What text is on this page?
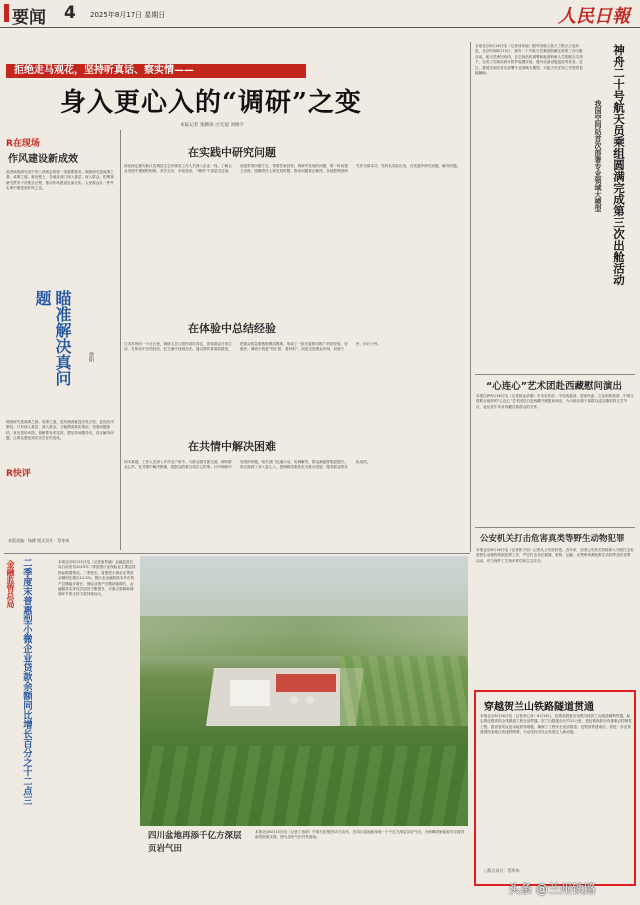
要闻 4 2025年8月17日 星期日	人民日報
拒绝走马观花，坚持听真话、察实情——
身入更心入的“调研”之变
本报记者 张腾扬 白光迪 刘俊宇
R在现场
作风建设新成效
改进调查研究是中央八项规定的第一项重要要求。调查研究是谋事之基、成事之道。新征程上，各地各部门深入基层、深入群众，把调查研究贯穿于决策全过程，推动作风建设走深走实。人民群众从一件件实事中感受到作风之变。
瞄准解决真问题
徐阳
调查研究是谋事之基、成事之道。没有调查就没有发言权，更没有决策权。只有深入基层、深入群众，才能摸清真实情况，找准问题症结，拿出管用举措。调研要务求实效，要坚持问题导向，真正解决问题，让群众感受到实实在在的变化。
R快评
本版责编：杨柳 版式设计：蔡华伟
在实践中研究问题
河北保定雄安新区容城县生态环境局工作人员深入企业一线，了解企业发展中遇到的困难。多次走访，多轮座谈，“调研”不再是走过场，而是带着问题下去，带着答案回来。调研中发现的问题，第一时间建立台账，明确责任人和完成时限，推动问题真正解决。各地把调查研究作为基本功，坚持从实际出发，在实践中研究问题、解决问题。
在体验中总结经验
江苏苏州的一个社区里，调研人员与居民同吃同住，体验群众日常生活。在体验中总结经验，在交流中找到办法。通过真听真看真感受，把群众的急难愁盼摸清摸准，形成了一批可复制可推广的好经验、好做法。调研不再是“听汇报、看材料”，而是走进群众中间，问需于民、问计于民。
在共情中解决困难
四川某地，工作人员深入乡村农户家中，与群众面对面交流，倾听群众心声。在共情中解决困难，把群众的事当成自己的事。针对调研中发现的问题，相关部门迅速行动，协调解决，群众满意度明显提升。真正做到了身入更心入，把调研成果转化为推动发展、服务群众的实际成效。
本报北京8月16日电（记者刘诗瑶）据中国载人航天工程办公室消息，北京时间8月15日，神舟二十号航天员乘组圆满完成第三次出舱活动，航天员密切协同，在空间站机械臂和地面科研人员的配合支持下，完成了空间站碎片防护装置安装、舱外设备设施巡检等任务。近日，我国空间站首次部署专业领域大模型，为航天员在轨工作提供智能辅助。	神舟二十号航天员乘组圆满完成第三次出舱活动
我国空间站首次部署专业领域大模型
“心连心”艺术团赴西藏慰问演出
本报拉萨8月16日电（记者琼达卓嘎）中央宣传部、中央统战部、国家民委、文化和旅游部、中国文联联合组织的“心连心”艺术团近日赴西藏开展慰问演出，为当地各族干部群众送去精彩的文艺节目，表达党中央对西藏各族群众的关怀。
公安机关打击危害真类等野生动物犯罪
本报北京8月16日电（记者张天培）记者从公安部获悉，近年来，全国公安机关持续深入开展打击危害野生动植物资源犯罪工作，严厉打击非法猎捕、收购、运输、出售珍贵濒危野生动物等违法犯罪活动，有力保护了生物多样性和生态安全。
金融监管总局 二季度末普惠型小微企业贷款余额同比增长百分之十二点三	本报北京8月15日电（记者曲哲涵）金融监管总局日前发布2025年二季度银行业保险业主要监管指标数据情况。二季度末，普惠型小微企业贷款余额同比增长12.3%。银行业金融机构本外币资产总额稳步增长，保险业资产总额持续增长，金融服务实体经济质效不断提升，对重点领域和薄弱环节的支持力度持续加大。
四川盆地再添千亿方深层页岩气田
本报北京8月15日电（记者丁怡婷）中国石化集团15日宣布，在四川盆地新探明一个千亿方深层页岩气田，为保障国家能源安全提供新的资源支撑。图为页岩气田开发现场。
穿越贺兰山铁路隧道贯通
本报北京8月16日电（记者李心萍）8月16日，包银高铁惠农至银川段贺兰山隧道顺利贯通，标志着包银高铁全线隧道工程全部贯通。贺兰山隧道全长约12公里，是包银高铁全线重难点控制性工程。建设者攻克复杂地质等难题，确保了工程安全优质推进。包银高铁建成后，将进一步完善我国西北地区高速铁路网，为沿线经济社会发展注入新动能。
○版式设计：蔡华伟
头条 @兰州铁路
